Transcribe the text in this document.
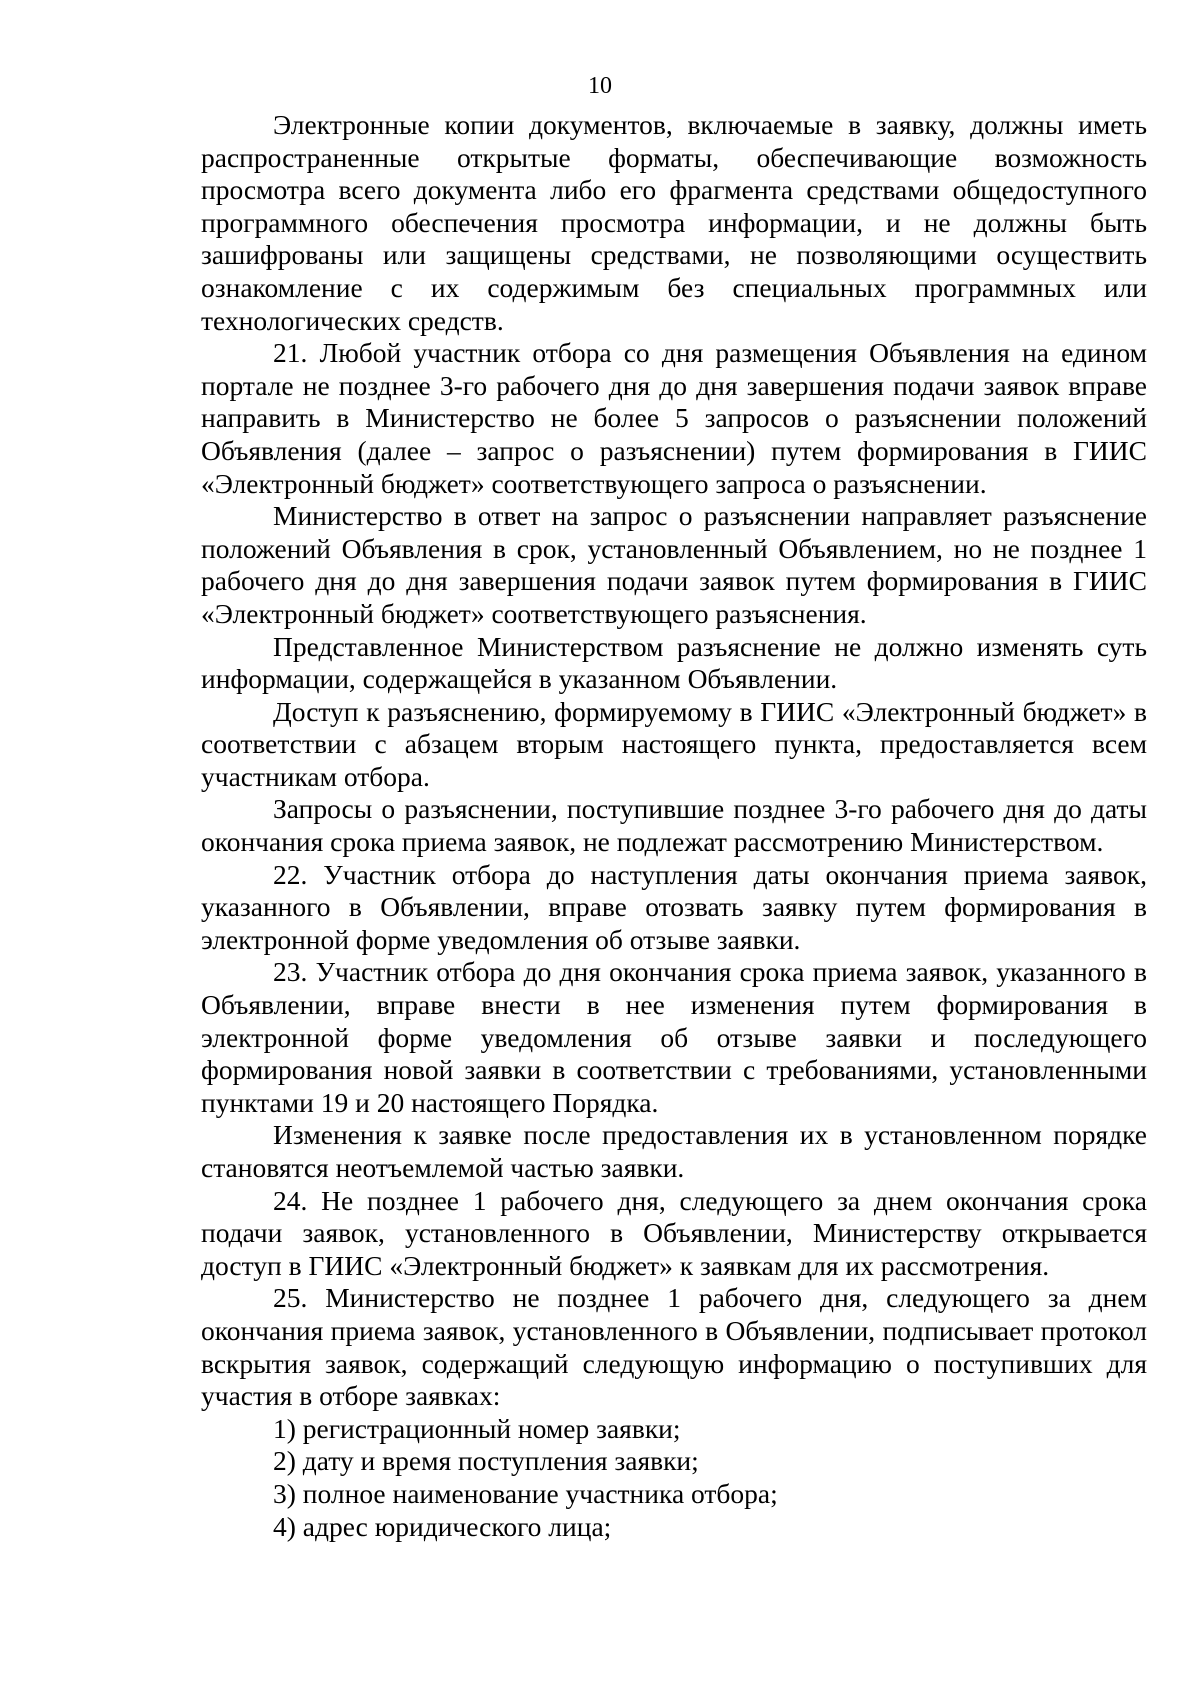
10

Электронные копии документов, включаемые в заявку, должны иметь распространенные открытые форматы, обеспечивающие возможность просмотра всего документа либо его фрагмента средствами общедоступного программного обеспечения просмотра информации, и не должны быть зашифрованы или защищены средствами, не позволяющими осуществить ознакомление с их содержимым без специальных программных или технологических средств.

21. Любой участник отбора со дня размещения Объявления на едином портале не позднее 3-го рабочего дня до дня завершения подачи заявок вправе направить в Министерство не более 5 запросов о разъяснении положений Объявления (далее – запрос о разъяснении) путем формирования в ГИИС «Электронный бюджет» соответствующего запроса о разъяснении.

Министерство в ответ на запрос о разъяснении направляет разъяснение положений Объявления в срок, установленный Объявлением, но не позднее 1 рабочего дня до дня завершения подачи заявок путем формирования в ГИИС «Электронный бюджет» соответствующего разъяснения.

Представленное Министерством разъяснение не должно изменять суть информации, содержащейся в указанном Объявлении.

Доступ к разъяснению, формируемому в ГИИС «Электронный бюджет» в соответствии с абзацем вторым настоящего пункта, предоставляется всем участникам отбора.

Запросы о разъяснении, поступившие позднее 3-го рабочего дня до даты окончания срока приема заявок, не подлежат рассмотрению Министерством.

22. Участник отбора до наступления даты окончания приема заявок, указанного в Объявлении, вправе отозвать заявку путем формирования в электронной форме уведомления об отзыве заявки.

23. Участник отбора до дня окончания срока приема заявок, указанного в Объявлении, вправе внести в нее изменения путем формирования в электронной форме уведомления об отзыве заявки и последующего формирования новой заявки в соответствии с требованиями, установленными пунктами 19 и 20 настоящего Порядка.

Изменения к заявке после предоставления их в установленном порядке становятся неотъемлемой частью заявки.

24. Не позднее 1 рабочего дня, следующего за днем окончания срока подачи заявок, установленного в Объявлении, Министерству открывается доступ в ГИИС «Электронный бюджет» к заявкам для их рассмотрения.

25. Министерство не позднее 1 рабочего дня, следующего за днем окончания приема заявок, установленного в Объявлении, подписывает протокол вскрытия заявок, содержащий следующую информацию о поступивших для участия в отборе заявках:

1) регистрационный номер заявки;

2) дату и время поступления заявки;

3) полное наименование участника отбора;

4) адрес юридического лица;
